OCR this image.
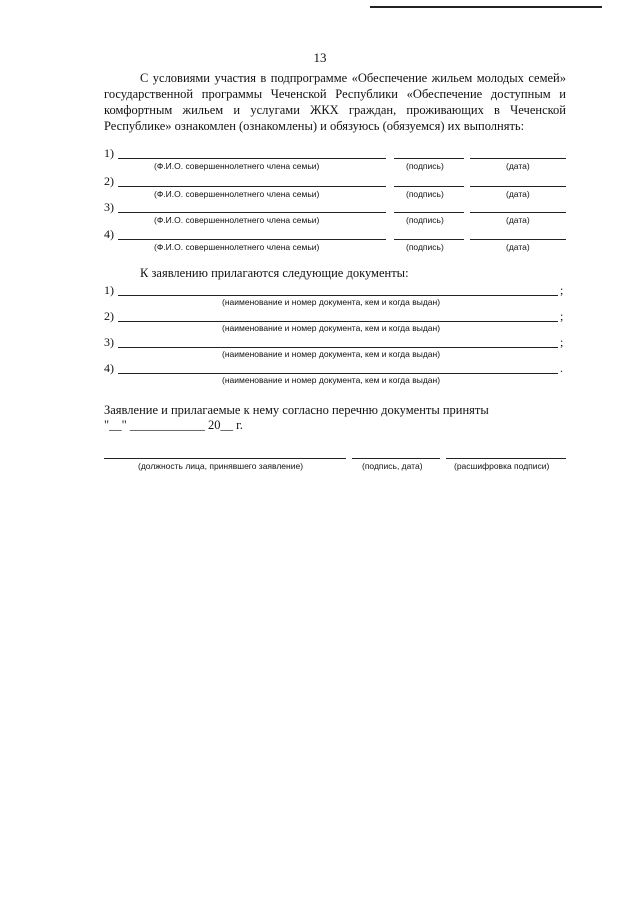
13
С условиями участия в подпрограмме «Обеспечение жильем молодых семей» государственной программы Чеченской Республики «Обеспечение доступным и комфортным жильем и услугами ЖКХ граждан, проживающих в Чеченской Республике» ознакомлен (ознакомлены) и обязуюсь (обязуемся) их выполнять:
1)
(Ф.И.О. совершеннолетнего члена семьи)	(подпись)	(дата)
2)
(Ф.И.О. совершеннолетнего члена семьи)	(подпись)	(дата)
3)
(Ф.И.О. совершеннолетнего члена семьи)	(подпись)	(дата)
4)
(Ф.И.О. совершеннолетнего члена семьи)	(подпись)	(дата)
К заявлению прилагаются следующие документы:
1)	;
(наименование и номер документа, кем и когда выдан)
2)	;
(наименование и номер документа, кем и когда выдан)
3)	;
(наименование и номер документа, кем и когда выдан)
4)	.
(наименование и номер документа, кем и когда выдан)
Заявление и прилагаемые к нему согласно перечню документы приняты
"__" ____________ 20__ г.
(должность лица, принявшего заявление)	(подпись, дата)	(расшифровка подписи)
